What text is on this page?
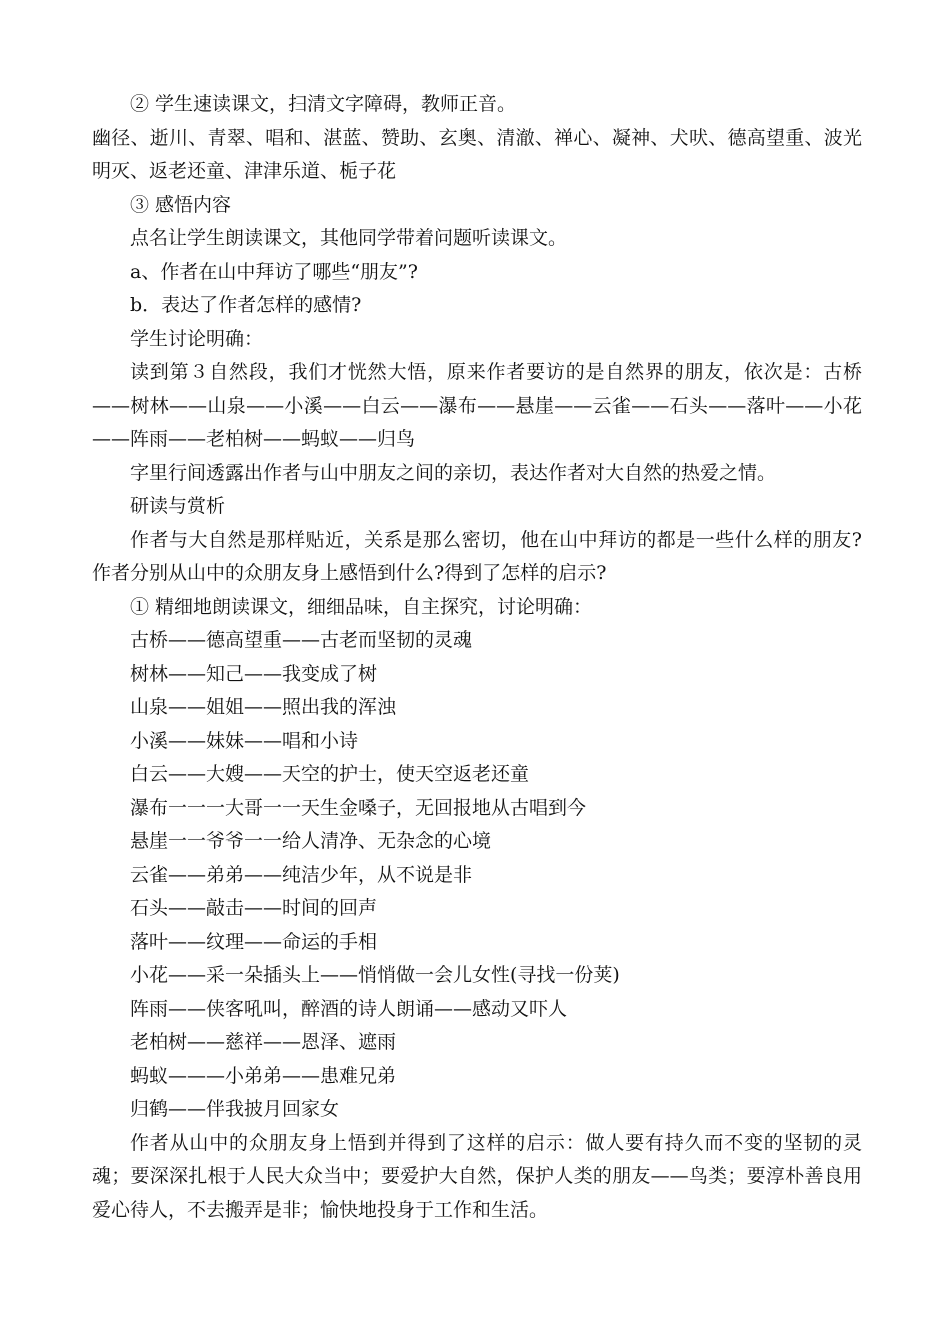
② 学生速读课文，扫清文字障碍，教师正音。

幽径、逝川、青翠、唱和、湛蓝、赞助、玄奥、清澈、禅心、凝神、犬吠、德高望重、波光明灭、返老还童、津津乐道、栀子花

③ 感悟内容

点名让学生朗读课文，其他同学带着问题听读课文。

a、作者在山中拜访了哪些“朋友”?

b．表达了作者怎样的感情?

学生讨论明确：

读到第３自然段，我们才恍然大悟，原来作者要访的是自然界的朋友，依次是：古桥——树林——山泉——小溪——白云——瀑布——悬崖——云雀——石头——落叶——小花——阵雨——老柏树——蚂蚁——归鸟

字里行间透露出作者与山中朋友之间的亲切，表达作者对大自然的热爱之情。

研读与赏析

作者与大自然是那样贴近，关系是那么密切，他在山中拜访的都是一些什么样的朋友?作者分别从山中的众朋友身上感悟到什么?得到了怎样的启示?

① 精细地朗读课文，细细品味，自主探究，讨论明确：

古桥——德高望重——古老而坚韧的灵魂

树林——知己——我变成了树

山泉——姐姐——照出我的浑浊

小溪——妹妹——唱和小诗

白云——大嫂——天空的护士，使天空返老还童

瀑布一一一大哥一一天生金嗓子，无回报地从古唱到今

悬崖一一爷爷一一给人清净、无杂念的心境

云雀——弟弟——纯洁少年，从不说是非

石头——敲击——时间的回声

落叶——纹理——命运的手相

小花——采一朵插头上——悄悄做一会儿女性(寻找一份荚)

阵雨——侠客吼叫，醉酒的诗人朗诵——感动又吓人

老柏树——慈祥——恩泽、遮雨

蚂蚁———小弟弟——患难兄弟

归鹤——伴我披月回家女

作者从山中的众朋友身上悟到并得到了这样的启示：做人要有持久而不变的坚韧的灵魂；要深深扎根于人民大众当中；要爱护大自然，保护人类的朋友——鸟类；要淳朴善良用爱心待人，不去搬弄是非；愉快地投身于工作和生活。
